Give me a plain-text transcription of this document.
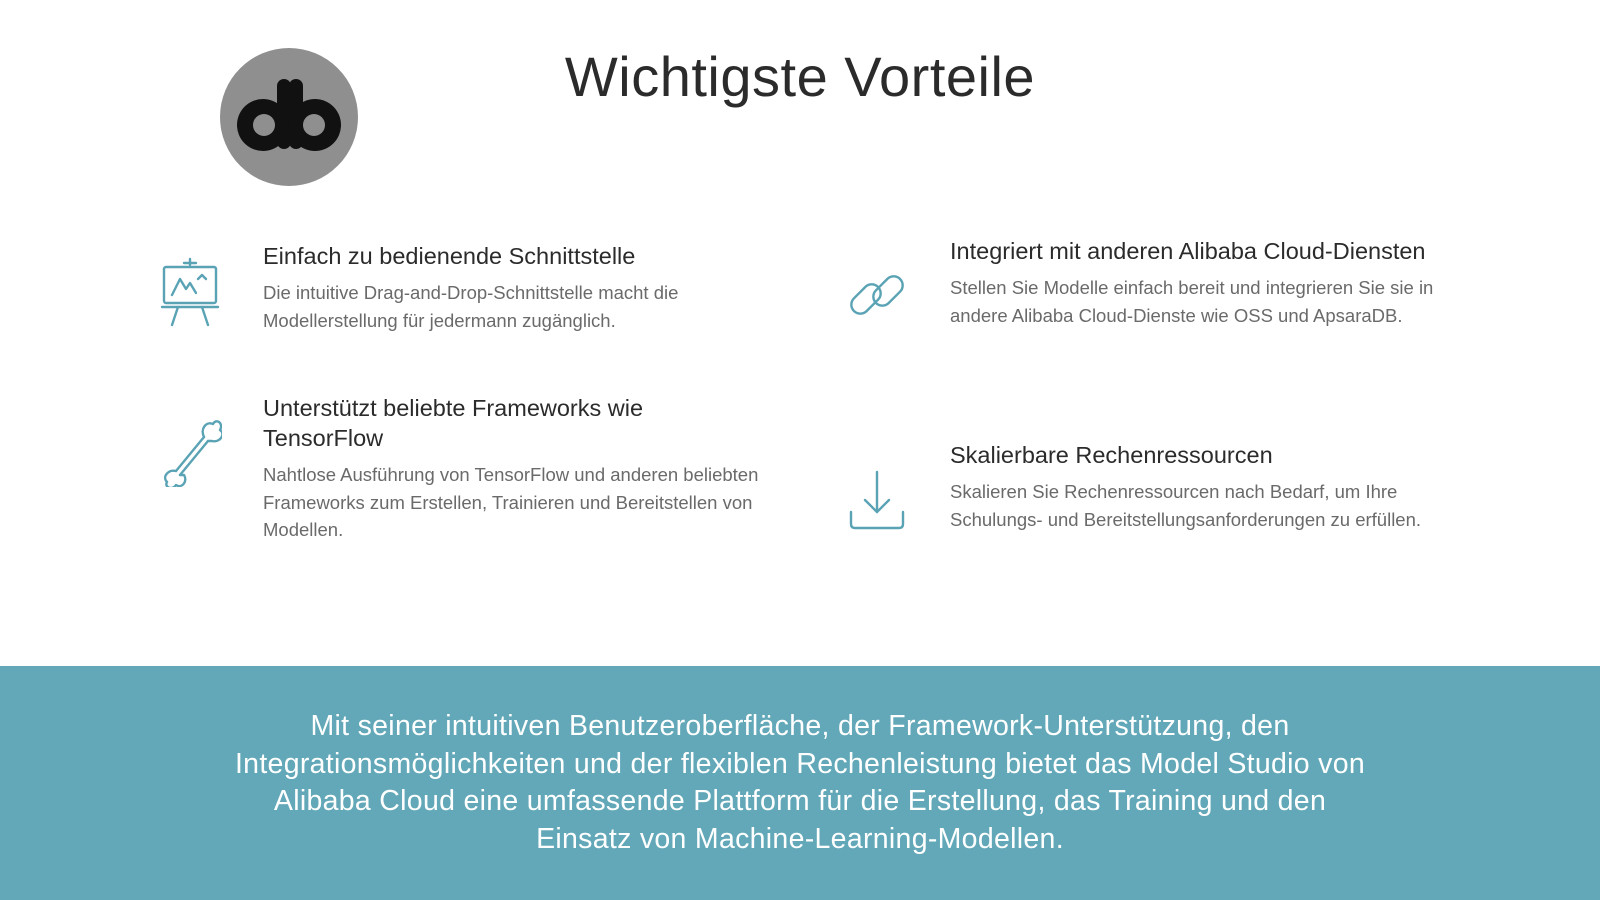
Wichtigste Vorteile
Einfach zu bedienende Schnittstelle

Die intuitive Drag-and-Drop-Schnittstelle macht die Modellerstellung für jedermann zugänglich.

Unterstützt beliebte Frameworks wie TensorFlow

Nahtlose Ausführung von TensorFlow und anderen beliebten Frameworks zum Erstellen, Trainieren und Bereitstellen von Modellen.

Integriert mit anderen Alibaba Cloud-Diensten

Stellen Sie Modelle einfach bereit und integrieren Sie sie in andere Alibaba Cloud-Dienste wie OSS und ApsaraDB.

Skalierbare Rechenressourcen

Skalieren Sie Rechenressourcen nach Bedarf, um Ihre Schulungs- und Bereitstellungsanforderungen zu erfüllen.

Mit seiner intuitiven Benutzeroberfläche, der Framework-Unterstützung, den Integrationsmöglichkeiten und der flexiblen Rechenleistung bietet das Model Studio von Alibaba Cloud eine umfassende Plattform für die Erstellung, das Training und den Einsatz von Machine-Learning-Modellen.
